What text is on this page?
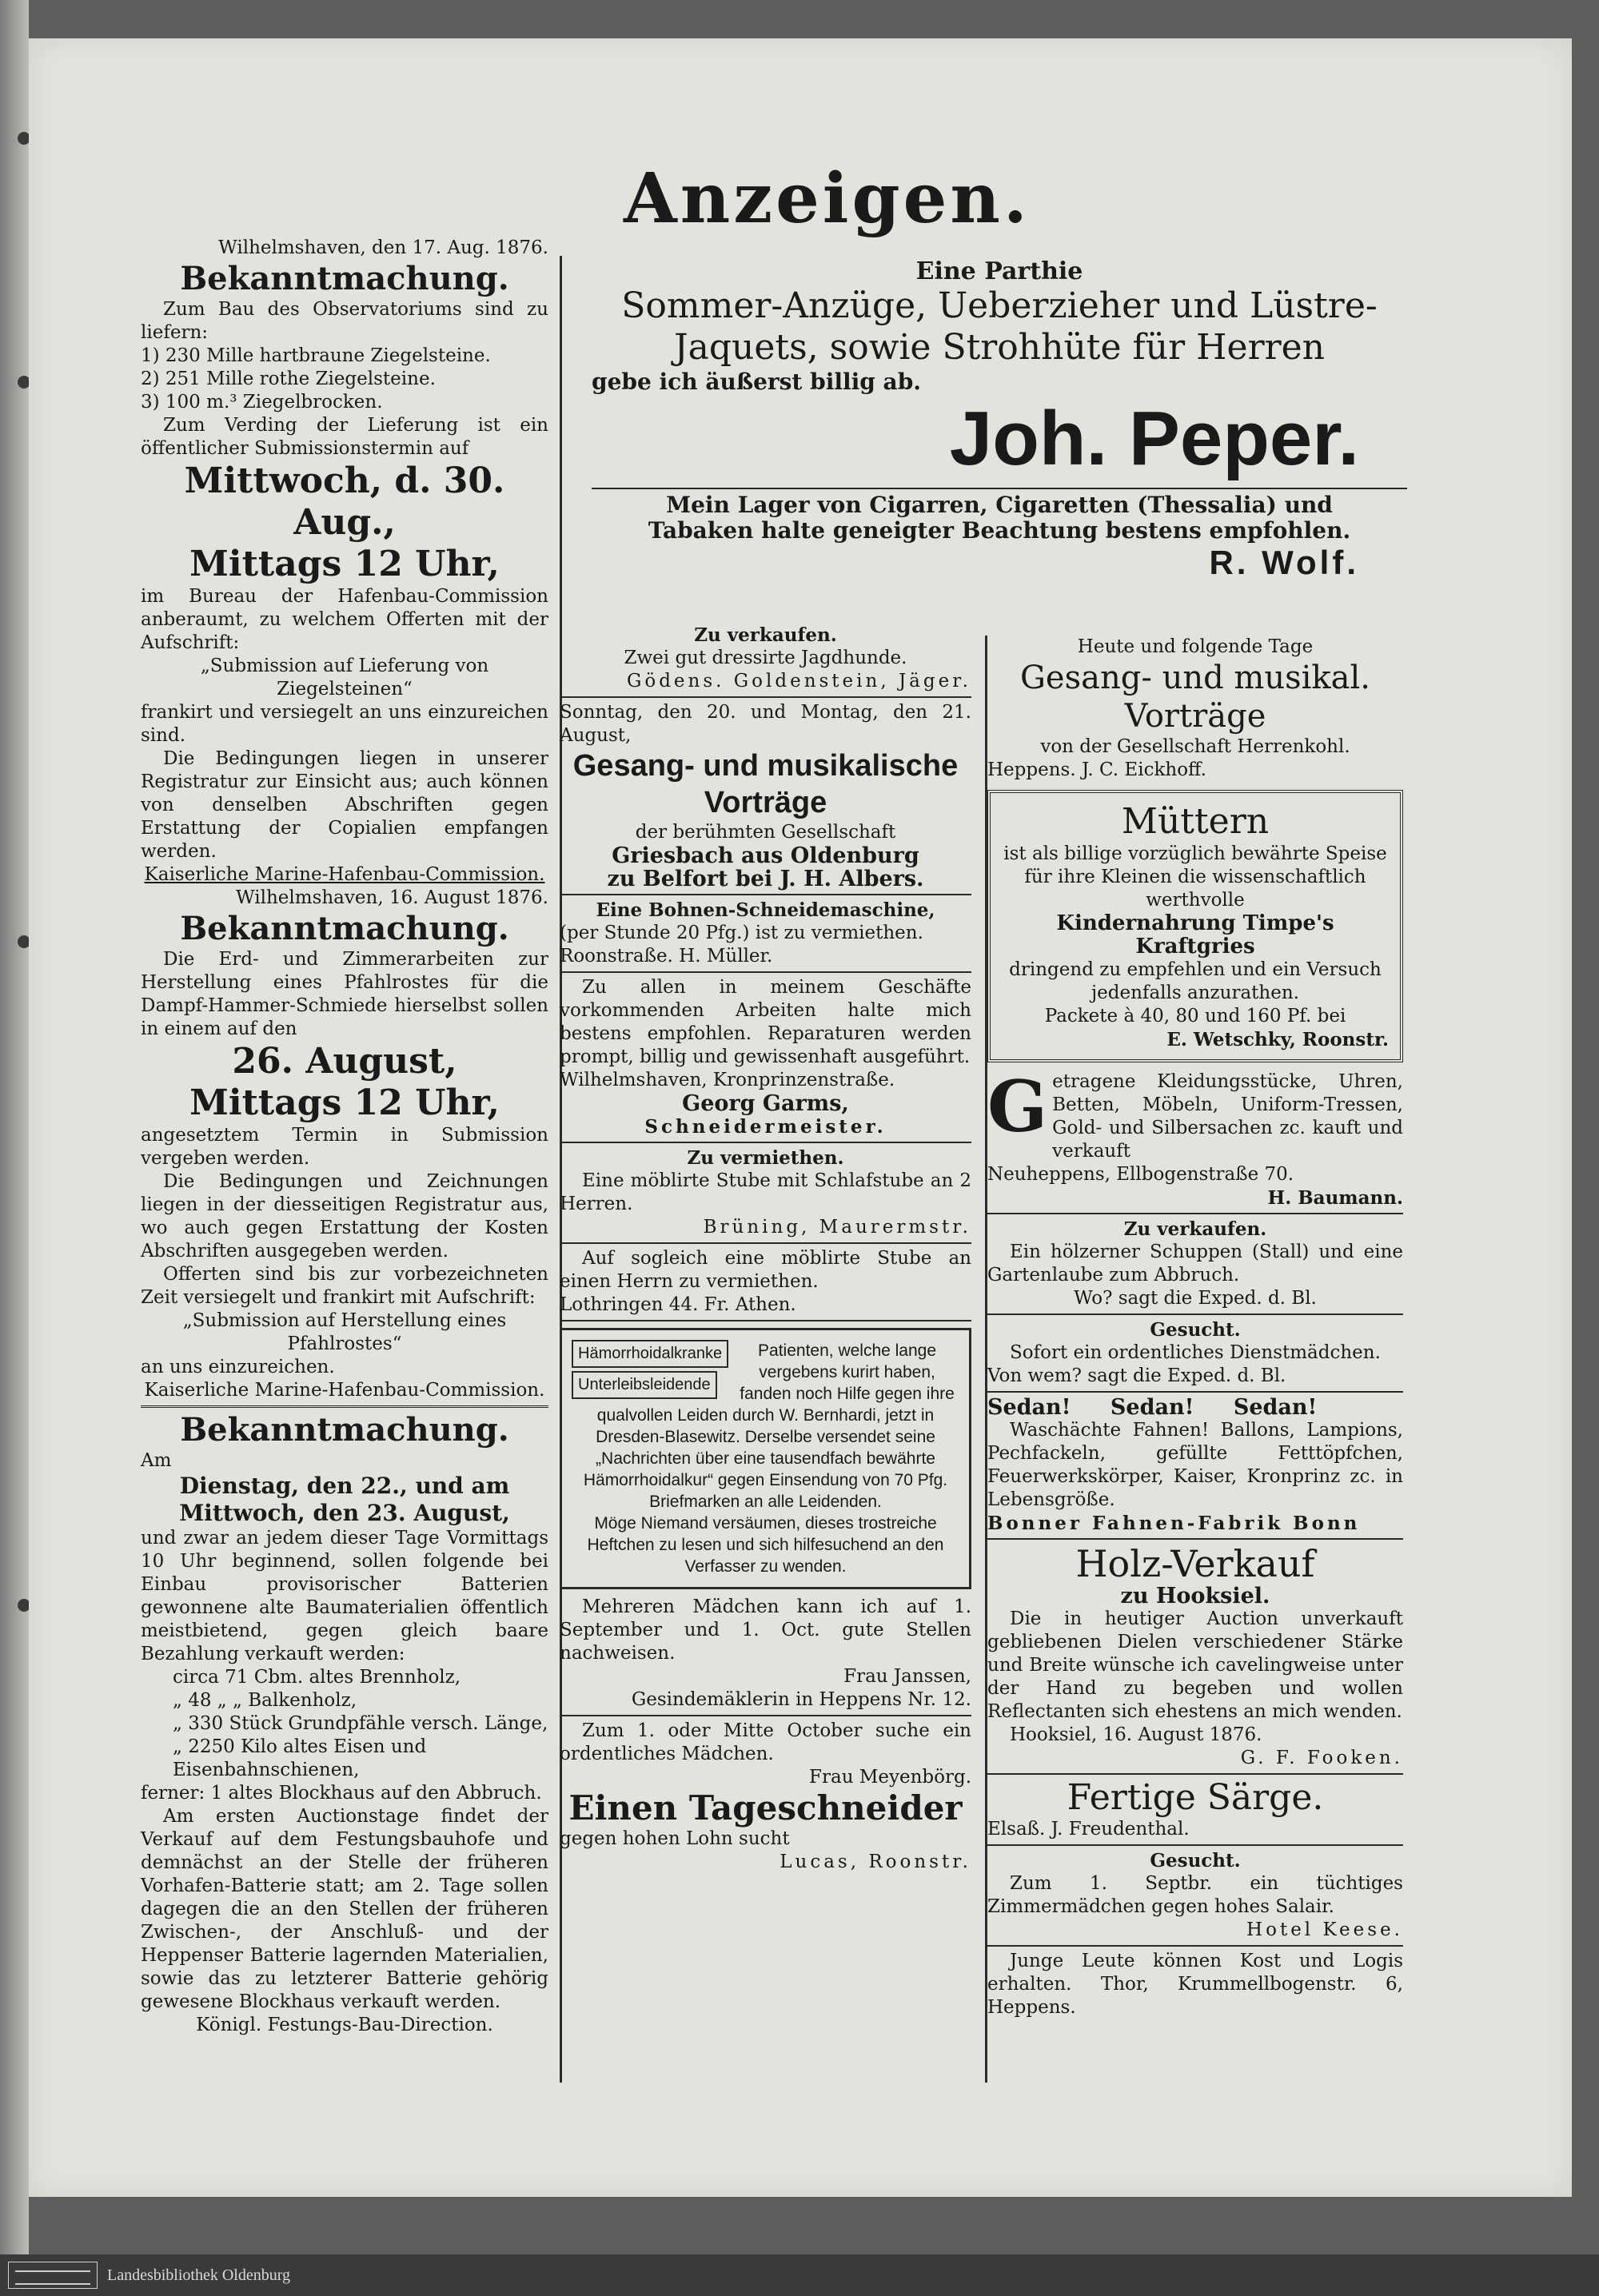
Anzeigen.
Eine Parthie
Sommer-Anzüge, Ueberzieher und Lüstre-
Jaquets, sowie Strohhüte für Herren
gebe ich äußerst billig ab.
Joh. Peper.
Mein Lager von Cigarren, Cigaretten (Thessalia) und
Tabaken halte geneigter Beachtung bestens empfohlen.
R. Wolf.
Wilhelmshaven, den 17. Aug. 1876.
Bekanntmachung.
Zum Bau des Observatoriums sind zu liefern:
1) 230 Mille hartbraune Ziegelsteine.
2) 251 Mille rothe Ziegelsteine.
3) 100 m.³ Ziegelbrocken.
Zum Verding der Lieferung ist ein öffentlicher Submissionstermin auf
Mittwoch, d. 30. Aug.,
Mittags 12 Uhr,
im Bureau der Hafenbau-Commission anberaumt, zu welchem Offerten mit der Aufschrift:
„Submission auf Lieferung von Ziegelsteinen“
frankirt und versiegelt an uns einzureichen sind.
Die Bedingungen liegen in unserer Registratur zur Einsicht aus; auch können von denselben Abschriften gegen Erstattung der Copialien empfangen werden.
Kaiserliche Marine-Hafenbau-Commission.
Wilhelmshaven, 16. August 1876.
Bekanntmachung.
Die Erd- und Zimmerarbeiten zur Herstellung eines Pfahlrostes für die Dampf-Hammer-Schmiede hierselbst sollen in einem auf den
26. August,
Mittags 12 Uhr,
angesetztem Termin in Submission vergeben werden.
Die Bedingungen und Zeichnungen liegen in der diesseitigen Registratur aus, wo auch gegen Erstattung der Kosten Abschriften ausgegeben werden.
Offerten sind bis zur vorbezeichneten Zeit versiegelt und frankirt mit Aufschrift:
„Submission auf Herstellung eines Pfahlrostes“
an uns einzureichen.
Kaiserliche Marine-Hafenbau-Commission.
Bekanntmachung.
Am
Dienstag, den 22., und am Mittwoch, den 23. August,
und zwar an jedem dieser Tage Vormittags 10 Uhr beginnend, sollen folgende bei Einbau provisorischer Batterien gewonnene alte Baumaterialien öffentlich meistbietend, gegen gleich baare Bezahlung verkauft werden:
circa 71 Cbm. altes Brennholz,
„ 48 „ „ Balkenholz,
„ 330 Stück Grundpfähle versch. Länge,
„ 2250 Kilo altes Eisen und Eisenbahnschienen,
ferner: 1 altes Blockhaus auf den Abbruch.
Am ersten Auctionstage findet der Verkauf auf dem Festungsbauhofe und demnächst an der Stelle der früheren Vorhafen-Batterie statt; am 2. Tage sollen dagegen die an den Stellen der früheren Zwischen-, der Anschluß- und der Heppenser Batterie lagernden Materialien, sowie das zu letzterer Batterie gehörig gewesene Blockhaus verkauft werden.
Königl. Festungs-Bau-Direction.
Zu verkaufen.
Zwei gut dressirte Jagdhunde.
Gödens. Goldenstein, Jäger.
Sonntag, den 20. und Montag, den 21. August,
Gesang- und musikalische Vorträge
der berühmten Gesellschaft
Griesbach aus Oldenburg
zu Belfort bei J. H. Albers.
Eine Bohnen-Schneidemaschine,
(per Stunde 20 Pfg.) ist zu vermiethen.
Roonstraße. H. Müller.
Zu allen in meinem Geschäfte vorkommenden Arbeiten halte mich bestens empfohlen. Reparaturen werden prompt, billig und gewissenhaft ausgeführt.
Wilhelmshaven, Kronprinzenstraße.
Georg Garms,
Schneidermeister.
Zu vermiethen.
Eine möblirte Stube mit Schlafstube an 2 Herren.
Brüning, Maurermstr.
Auf sogleich eine möblirte Stube an einen Herrn zu vermiethen.
Lothringen 44. Fr. Athen.
Hämorrhoidalkranke
Unterleibsleidende
Patienten, welche lange vergebens kurirt haben, fanden noch Hilfe gegen ihre qualvollen Leiden durch W. Bernhardi, jetzt in Dresden-Blasewitz. Derselbe versendet seine „Nachrichten über eine tausendfach bewährte Hämorrhoidalkur“ gegen Einsendung von 70 Pfg. Briefmarken an alle Leidenden.
Möge Niemand versäumen, dieses trostreiche Heftchen zu lesen und sich hilfesuchend an den Verfasser zu wenden.
Mehreren Mädchen kann ich auf 1. September und 1. Oct. gute Stellen nachweisen.
Frau Janssen,
Gesindemäklerin in Heppens Nr. 12.
Zum 1. oder Mitte October suche ein ordentliches Mädchen.
Frau Meyenbörg.
Einen Tageschneider
gegen hohen Lohn sucht
Lucas, Roonstr.
Heute und folgende Tage
Gesang- und musikal. Vorträge
von der Gesellschaft Herrenkohl.
Heppens. J. C. Eickhoff.
Müttern
ist als billige vorzüglich bewährte Speise für ihre Kleinen die wissenschaftlich werthvolle
Kindernahrung Timpe's Kraftgries
dringend zu empfehlen und ein Versuch jedenfalls anzurathen.
Packete à 40, 80 und 160 Pf. bei
E. Wetschky, Roonstr.
G etragene Kleidungsstücke, Uhren, Betten, Möbeln, Uniform-Tressen, Gold- und Silbersachen zc. kauft und verkauft
Neuheppens, Ellbogenstraße 70.
H. Baumann.
Zu verkaufen.
Ein hölzerner Schuppen (Stall) und eine Gartenlaube zum Abbruch.
Wo? sagt die Exped. d. Bl.
Gesucht.
Sofort ein ordentliches Dienstmädchen.
Von wem? sagt die Exped. d. Bl.
Sedan! Sedan! Sedan!
Waschächte Fahnen! Ballons, Lampions, Pechfackeln, gefüllte Fetttöpfchen, Feuerwerkskörper, Kaiser, Kronprinz zc. in Lebensgröße.
Bonner Fahnen-Fabrik Bonn
Holz-Verkauf
zu Hooksiel.
Die in heutiger Auction unverkauft gebliebenen Dielen verschiedener Stärke und Breite wünsche ich cavelingweise unter der Hand zu begeben und wollen Reflectanten sich ehestens an mich wenden.
Hooksiel, 16. August 1876.
G. F. Fooken.
Fertige Särge.
Elsaß. J. Freudenthal.
Gesucht.
Zum 1. Septbr. ein tüchtiges Zimmermädchen gegen hohes Salair.
Hotel Keese.
Junge Leute können Kost und Logis erhalten. Thor, Krummellbogenstr. 6, Heppens.
Landesbibliothek Oldenburg
